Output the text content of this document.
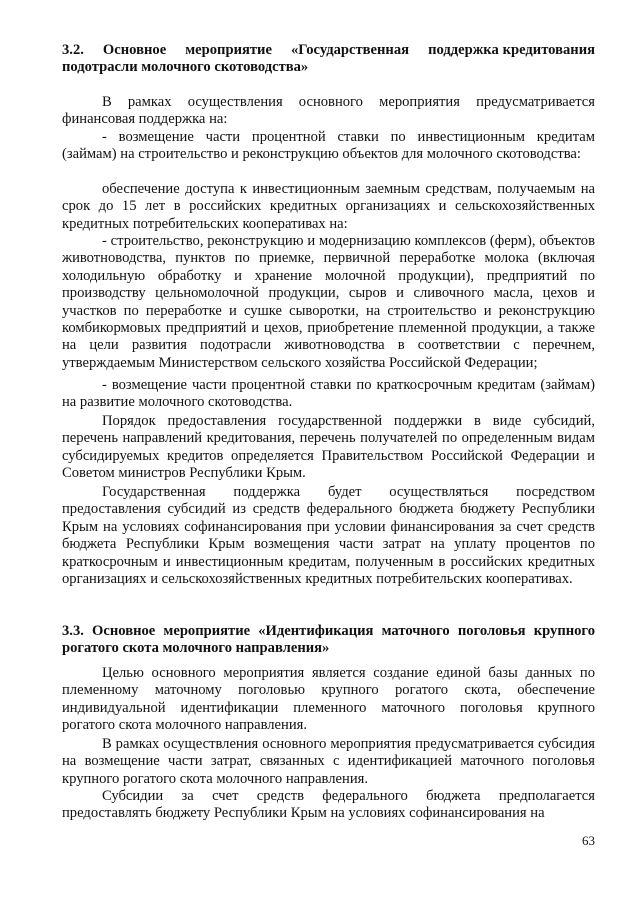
3.2.     Основное     мероприятие     «Государственная     поддержка кредитования подотрасли молочного скотоводства»
В рамках осуществления основного мероприятия предусматривается финансовая поддержка на:
- возмещение части процентной ставки по инвестиционным кредитам (займам) на строительство и реконструкцию объектов для молочного скотоводства:
обеспечение доступа к инвестиционным заемным средствам, получаемым на срок до 15 лет в российских кредитных организациях и сельскохозяйственных кредитных потребительских кооперативах на:
- строительство, реконструкцию и модернизацию комплексов (ферм), объектов животноводства, пунктов по приемке, первичной переработке молока (включая холодильную обработку и хранение молочной продукции), предприятий по производству цельномолочной продукции, сыров и сливочного масла, цехов и участков по переработке и сушке сыворотки, на строительство и реконструкцию комбикормовых предприятий и цехов, приобретение племенной продукции, а также на цели развития подотрасли животноводства в соответствии с перечнем, утверждаемым Министерством сельского хозяйства Российской Федерации;
- возмещение части процентной ставки по краткосрочным кредитам (займам) на развитие молочного скотоводства.
Порядок предоставления государственной поддержки в виде субсидий, перечень направлений кредитования, перечень получателей по определенным видам субсидируемых кредитов определяется Правительством Российской Федерации и Советом министров Республики Крым.
Государственная поддержка будет осуществляться посредством предоставления субсидий из средств федерального бюджета бюджету Республики Крым на условиях софинансирования при условии финансирования за счет средств бюджета Республики Крым возмещения части затрат на уплату процентов по краткосрочным и инвестиционным кредитам, полученным в российских кредитных организациях и сельскохозяйственных кредитных потребительских кооперативах.
3.3. Основное мероприятие «Идентификация маточного поголовья крупного рогатого скота молочного направления»
Целью основного мероприятия является создание единой базы данных по племенному маточному поголовью крупного рогатого скота, обеспечение индивидуальной идентификации племенного маточного поголовья крупного рогатого скота молочного направления.
В рамках осуществления основного мероприятия предусматривается субсидия на возмещение части затрат, связанных с идентификацией маточного поголовья крупного рогатого скота молочного направления.
Субсидии за счет средств федерального бюджета предполагается предоставлять бюджету Республики Крым на условиях софинансирования на
63
